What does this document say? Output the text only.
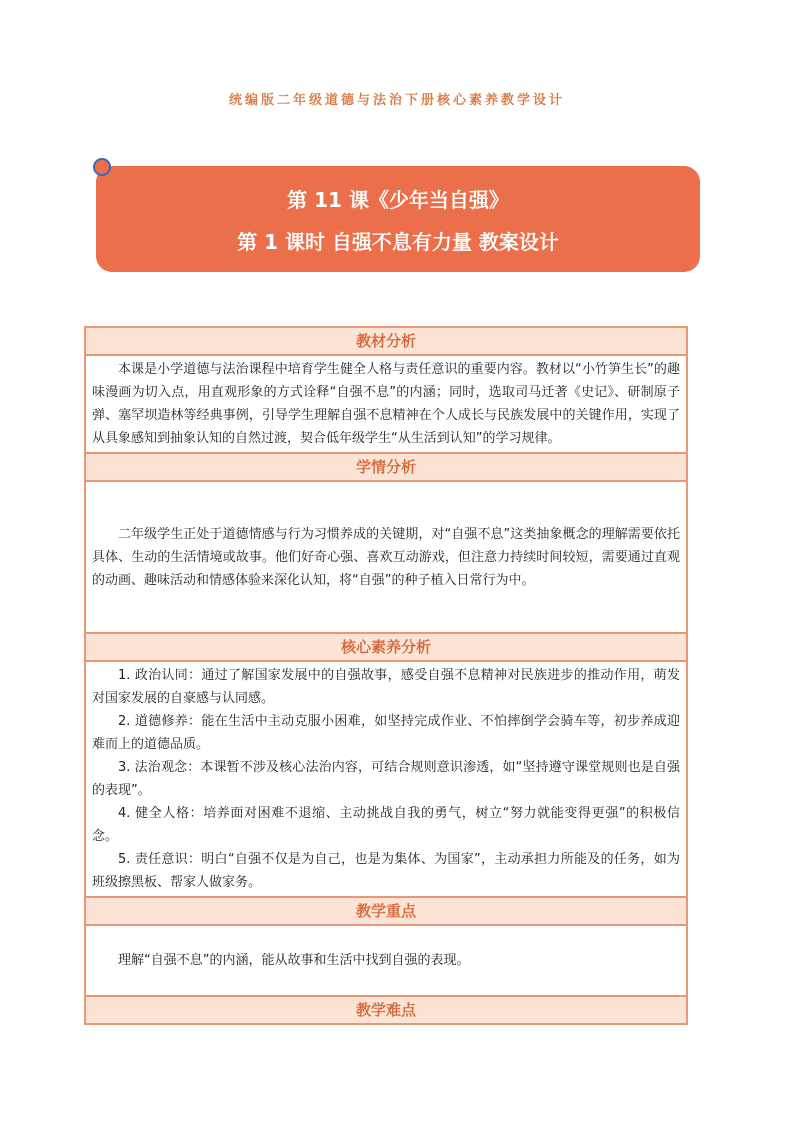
统编版二年级道德与法治下册核心素养教学设计
第 11 课《少年当自强》
第 1 课时 自强不息有力量 教案设计
教材分析

本课是小学道德与法治课程中培育学生健全人格与责任意识的重要内容。教材以“小竹笋生长”的趣味漫画为切入点，用直观形象的方式诠释“自强不息”的内涵；同时，选取司马迁著《史记》、研制原子弹、塞罕坝造林等经典事例，引导学生理解自强不息精神在个人成长与民族发展中的关键作用，实现了从具象感知到抽象认知的自然过渡，契合低年级学生“从生活到认知”的学习规律。

学情分析

二年级学生正处于道德情感与行为习惯养成的关键期，对“自强不息”这类抽象概念的理解需要依托具体、生动的生活情境或故事。他们好奇心强、喜欢互动游戏，但注意力持续时间较短，需要通过直观的动画、趣味活动和情感体验来深化认知，将“自强”的种子植入日常行为中。

核心素养分析

1. 政治认同：通过了解国家发展中的自强故事，感受自强不息精神对民族进步的推动作用，萌发对国家发展的自豪感与认同感。

2. 道德修养：能在生活中主动克服小困难，如坚持完成作业、不怕摔倒学会骑车等，初步养成迎难而上的道德品质。

3. 法治观念：本课暂不涉及核心法治内容，可结合规则意识渗透，如“坚持遵守课堂规则也是自强的表现”。

4. 健全人格：培养面对困难不退缩、主动挑战自我的勇气，树立“努力就能变得更强”的积极信念。

5. 责任意识：明白“自强不仅是为自己，也是为集体、为国家”，主动承担力所能及的任务，如为班级擦黑板、帮家人做家务。

教学重点

理解“自强不息”的内涵，能从故事和生活中找到自强的表现。

教学难点
